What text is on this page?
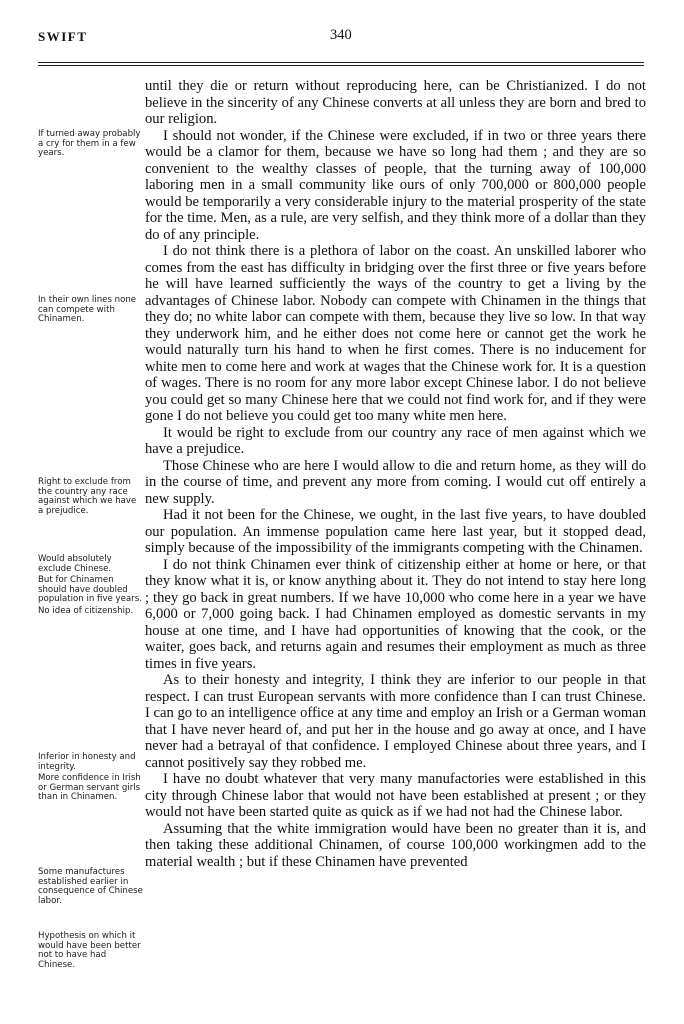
SWIFT	340

until they die or return without reproducing here, can be Christianized. I do not believe in the sincerity of any Chinese converts at all unless they are born and bred to our religion.

I should not wonder, if the Chinese were excluded, if in two or three years there would be a clamor for them, because we have so long had them ; and they are so convenient to the wealthy classes of people, that the turning away of 100,000 laboring men in a small community like ours of only 700,000 or 800,000 people would be temporarily a very considerable injury to the material prosperity of the state for the time. Men, as a rule, are very selfish, and they think more of a dollar than they do of any principle.

I do not think there is a plethora of labor on the coast. An unskilled laborer who comes from the east has difficulty in bridging over the first three or five years before he will have learned sufficiently the ways of the country to get a living by the advantages of Chinese labor. Nobody can compete with Chinamen in the things that they do; no white labor can compete with them, because they live so low. In that way they underwork him, and he either does not come here or cannot get the work he would naturally turn his hand to when he first comes. There is no inducement for white men to come here and work at wages that the Chinese work for. It is a question of wages. There is no room for any more labor except Chinese labor. I do not believe you could get so many Chinese here that we could not find work for, and if they were gone I do not believe you could get too many white men here.

It would be right to exclude from our country any race of men against which we have a prejudice.

Those Chinese who are here I would allow to die and return home, as they will do in the course of time, and prevent any more from coming. I would cut off entirely a new supply.

Had it not been for the Chinese, we ought, in the last five years, to have doubled our population. An immense population came here last year, but it stopped dead, simply because of the impossibility of the immigrants competing with the Chinamen.

I do not think Chinamen ever think of citizenship either at home or here, or that they know what it is, or know anything about it. They do not intend to stay here long ; they go back in great numbers. If we have 10,000 who come here in a year we have 6,000 or 7,000 going back. I had Chinamen employed as domestic servants in my house at one time, and I have had opportunities of knowing that the cook, or the waiter, goes back, and returns again and resumes their employment as much as three times in five years.

As to their honesty and integrity, I think they are inferior to our people in that respect. I can trust European servants with more confidence than I can trust Chinese. I can go to an intelligence office at any time and employ an Irish or a German woman that I have never heard of, and put her in the house and go away at once, and I have never had a betrayal of that confidence. I employed Chinese about three years, and I cannot positively say they robbed me.

I have no doubt whatever that very many manufactories were established in this city through Chinese labor that would not have been established at present ; or they would not have been started quite as quick as if we had not had the Chinese labor.

Assuming that the white immigration would have been no greater than it is, and then taking these additional Chinamen, of course 100,000 workingmen add to the material wealth ; but if these Chinamen have prevented

If turned away probably a cry for them in a few years.
In their own lines none can compete with Chinamen.
Right to exclude from the country any race against which we have a prejudice.
Would absolutely exclude Chinese.
But for Chinamen should have doubled population in five years.
No idea of citizenship.
Inferior in honesty and integrity.
More confidence in Irish or German servant girls than in Chinamen.
Some manufactures established earlier in consequence of Chinese labor.
Hypothesis on which it would have been better not to have had Chinese.
